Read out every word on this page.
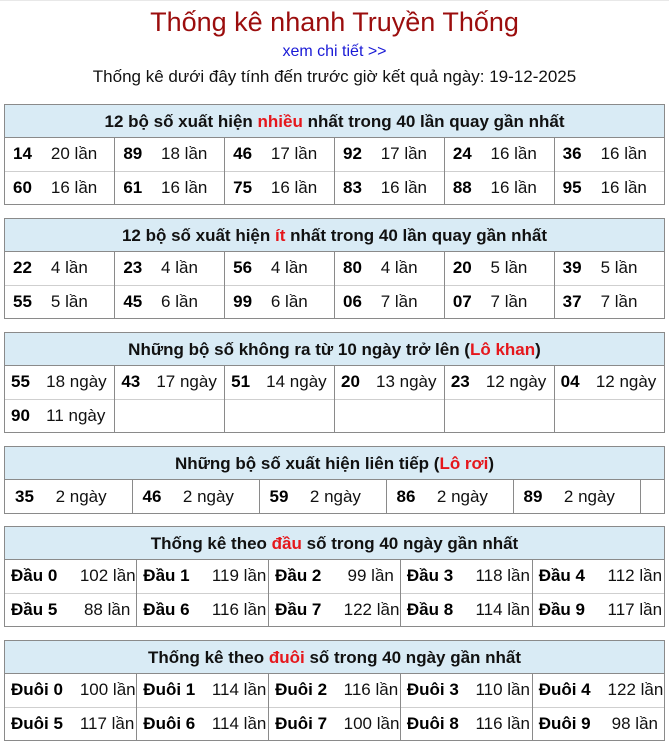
Thống kê nhanh Truyền Thống
xem chi tiết >>
Thống kê dưới đây tính đến trước giờ kết quả ngày: 19-12-2025
12 bộ số xuất hiện nhiều nhất trong 40 lần quay gần nhất
14 20 lần	89 18 lần	46 17 lần	92 17 lần	24 16 lần	36 16 lần

60 16 lần	61 16 lần	75 16 lần	83 16 lần	88 16 lần	95 16 lần
12 bộ số xuất hiện ít nhất trong 40 lần quay gần nhất
22 4 lần	23 4 lần	56 4 lần	80 4 lần	20 5 lần	39 5 lần

55 5 lần	45 6 lần	99 6 lần	06 7 lần	07 7 lần	37 7 lần
Những bộ số không ra từ 10 ngày trở lên (Lô khan)
55 18 ngày	43 17 ngày	51 14 ngày	20 13 ngày	23 12 ngày	04 12 ngày

90 11 ngày					

Những bộ số xuất hiện liên tiếp (Lô rơi)
35	2 ngày	46	2 ngày	59	2 ngày	86	2 ngày	89	2 ngày

Thống kê theo đầu số trong 40 ngày gần nhất
Đầu 0 102 lần	Đầu 1 119 lần	Đầu 2 99 lần	Đầu 3 118 lần	Đầu 4 112 lần

Đầu 5 88 lần	Đầu 6 116 lần	Đầu 7 122 lần	Đầu 8 114 lần	Đầu 9 117 lần
Thống kê theo đuôi số trong 40 ngày gần nhất
Đuôi 0 100 lần	Đuôi 1 114 lần	Đuôi 2 116 lần	Đuôi 3 110 lần	Đuôi 4 122 lần

Đuôi 5 117 lần	Đuôi 6 114 lần	Đuôi 7 100 lần	Đuôi 8 116 lần	Đuôi 9 98 lần
